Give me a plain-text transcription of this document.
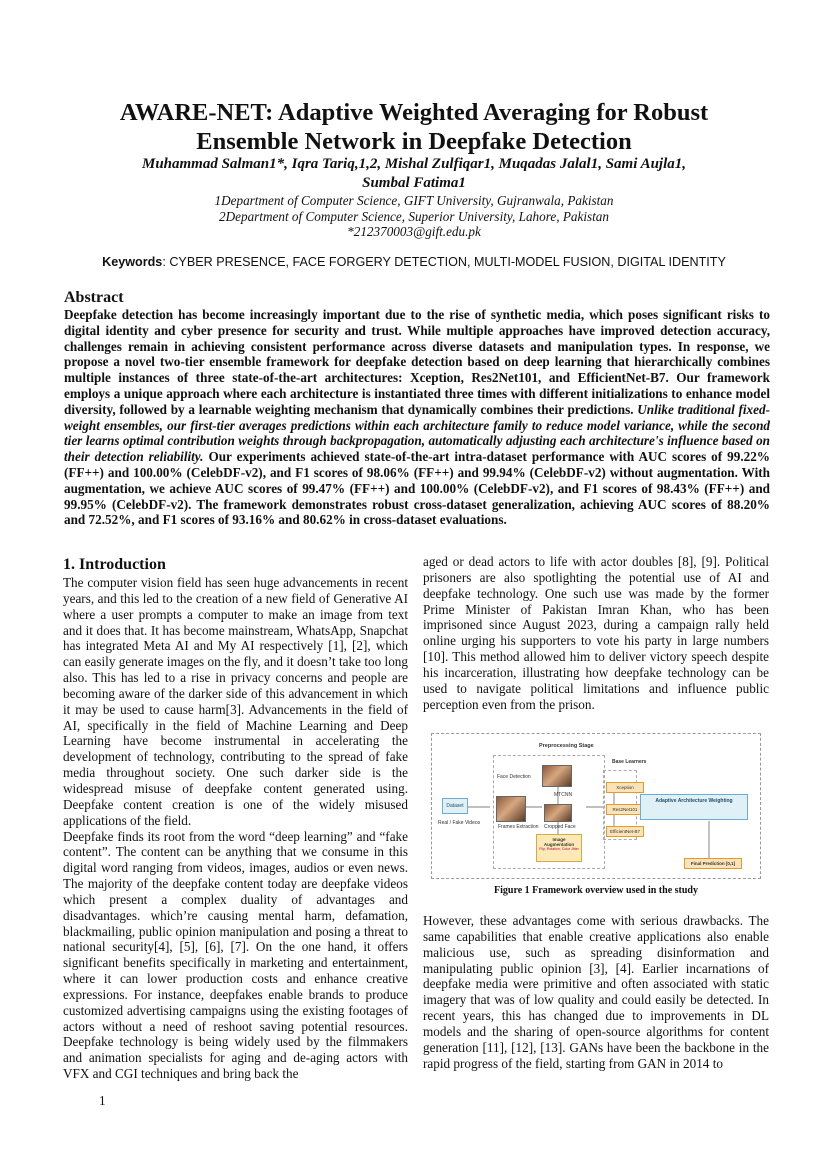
AWARE-NET: Adaptive Weighted Averaging for Robust
Ensemble Network in Deepfake Detection
Muhammad Salman1*, Iqra Tariq,1,2, Mishal Zulfiqar1, Muqadas Jalal1, Sami Aujla1,
Sumbal Fatima1
1Department of Computer Science, GIFT University, Gujranwala, Pakistan
2Department of Computer Science, Superior University, Lahore, Pakistan
*212370003@gift.edu.pk
Keywords: CYBER PRESENCE, FACE FORGERY DETECTION, MULTI-MODEL FUSION, DIGITAL IDENTITY
Abstract
Deepfake detection has become increasingly important due to the rise of synthetic media, which poses significant risks to digital identity and cyber presence for security and trust. While multiple approaches have improved detection accuracy, challenges remain in achieving consistent performance across diverse datasets and manipulation types. In response, we propose a novel two-tier ensemble framework for deepfake detection based on deep learning that hierarchically combines multiple instances of three state-of-the-art architectures: Xception, Res2Net101, and EfficientNet-B7. Our framework employs a unique approach where each architecture is instantiated three times with different initializations to enhance model diversity, followed by a learnable weighting mechanism that dynamically combines their predictions. Unlike traditional fixed-weight ensembles, our first-tier averages predictions within each architecture family to reduce model variance, while the second tier learns optimal contribution weights through backpropagation, automatically adjusting each architecture's influence based on their detection reliability. Our experiments achieved state-of-the-art intra-dataset performance with AUC scores of 99.22% (FF++) and 100.00% (CelebDF-v2), and F1 scores of 98.06% (FF++) and 99.94% (CelebDF-v2) without augmentation. With augmentation, we achieve AUC scores of 99.47% (FF++) and 100.00% (CelebDF-v2), and F1 scores of 98.43% (FF++) and 99.95% (CelebDF-v2). The framework demonstrates robust cross-dataset generalization, achieving AUC scores of 88.20% and 72.52%, and F1 scores of 93.16% and 80.62% in cross-dataset evaluations.
1. Introduction

The computer vision field has seen huge advancements in recent years, and this led to the creation of a new field of Generative AI where a user prompts a computer to make an image from text and it does that. It has become mainstream, WhatsApp, Snapchat has integrated Meta AI and My AI respectively [1], [2], which can easily generate images on the fly, and it doesn’t take too long also. This has led to a rise in privacy concerns and people are becoming aware of the darker side of this advancement in which it may be used to cause harm[3]. Advancements in the field of AI, specifically in the field of Machine Learning and Deep Learning have become instrumental in accelerating the development of technology, contributing to the spread of fake media throughout society. One such darker side is the widespread misuse of deepfake content generated using. Deepfake content creation is one of the widely misused applications of the field.

Deepfake finds its root from the word “deep learning” and “fake content”. The content can be anything that we consume in this digital word ranging from videos, images, audios or even news. The majority of the deepfake content today are deepfake videos which present a complex duality of advantages and disadvantages. which’re causing mental harm, defamation, blackmailing, public opinion manipulation and posing a threat to national security[4], [5], [6], [7]. On the one hand, it offers significant benefits specifically in marketing and entertainment, where it can lower production costs and enhance creative expressions. For instance, deepfakes enable brands to produce customized advertising campaigns using the existing footages of actors without a need of reshoot saving potential resources. Deepfake technology is being widely used by the filmmakers and animation specialists for aging and de-aging actors with VFX and CGI techniques and bring back the

aged or dead actors to life with actor doubles [8], [9]. Political prisoners are also spotlighting the potential use of AI and deepfake technology. One such use was made by the former Prime Minister of Pakistan Imran Khan, who has been imprisoned since August 2023, during a campaign rally held online urging his supporters to vote his party in large numbers [10]. This method allowed him to deliver victory speech despite his incarceration, illustrating how deepfake technology can be used to navigate political limitations and influence public perception even from the prison.

Preprocessing Stage
Face Detection
MTCNN
Dataset
Real / Fake Videos
Frames Extraction Cropped Face
Image Augmentation
Flip, Rotation, Color Jitter
Base Learners
Xception
Res2Net101
EfficientNet-B7
Adaptive Architecture Weighting
Final Prediction [0,1]
Figure 1 Framework overview used in the study

However, these advantages come with serious drawbacks. The same capabilities that enable creative applications also enable malicious use, such as spreading disinformation and manipulating public opinion [3], [4]. Earlier incarnations of deepfake media were primitive and often associated with static imagery that was of low quality and could easily be detected. In recent years, this has changed due to improvements in DL models and the sharing of open-source algorithms for content generation [11], [12], [13]. GANs have been the backbone in the rapid progress of the field, starting from GAN in 2014 to

1
